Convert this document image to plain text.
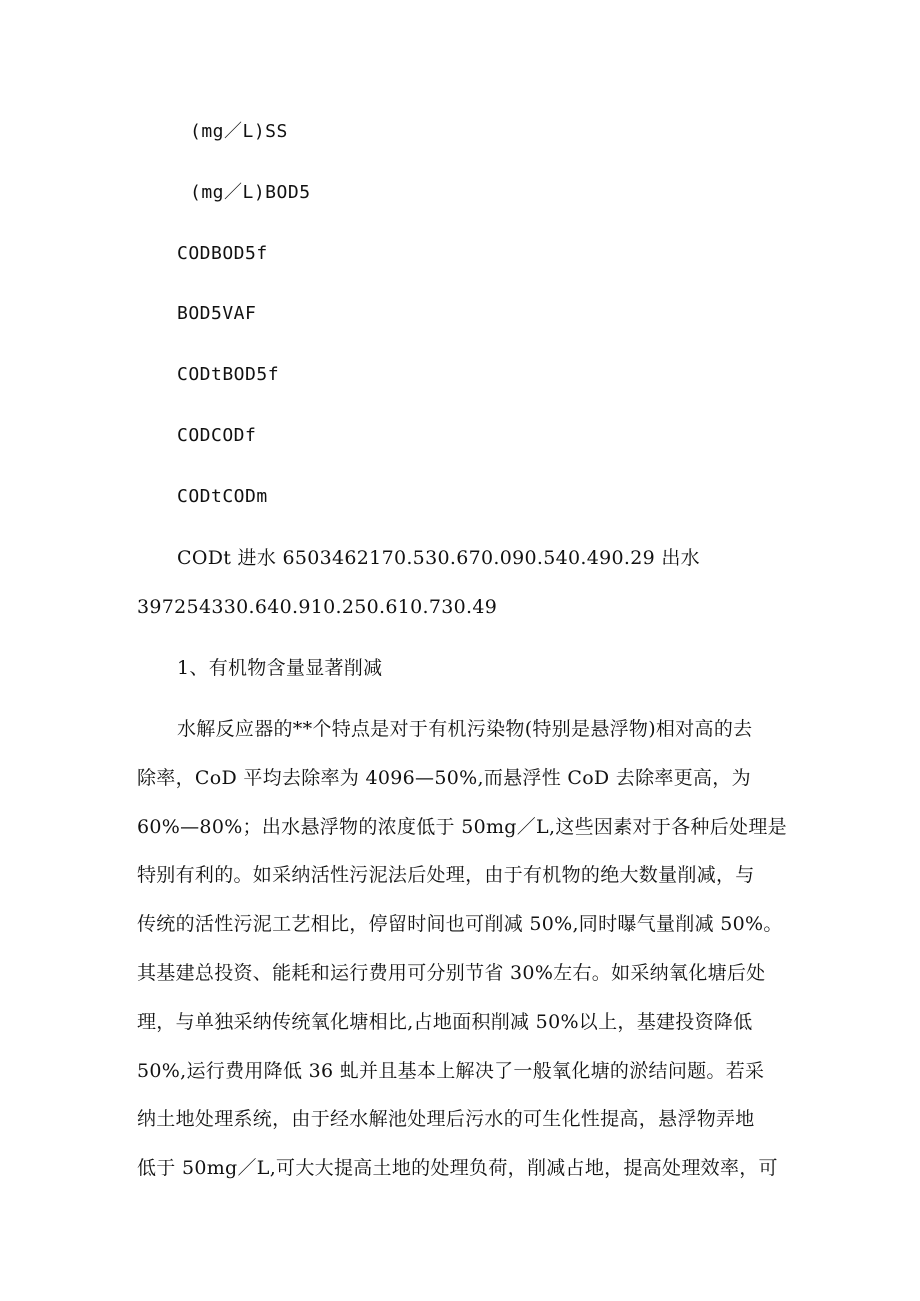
(mg／L)SS
(mg／L)BOD5
CODBOD5f
BOD5VAF
CODtBOD5f
CODCODf
CODtCODm
CODt 进水 6503462170.530.670.090.540.490.29 出水
397254330.640.910.250.610.730.49
1、有机物含量显著削减
水解反应器的**个特点是对于有机污染物(特别是悬浮物)相对高的去
除率，CoD 平均去除率为 4096—50%,而悬浮性 CoD 去除率更高，为
60%—80%；出水悬浮物的浓度低于 50mg／L,这些因素对于各种后处理是
特别有利的。如采纳活性污泥法后处理，由于有机物的绝大数量削减，与
传统的活性污泥工艺相比，停留时间也可削减 50%,同时曝气量削减 50%。
其基建总投资、能耗和运行费用可分别节省 30%左右。如采纳氧化塘后处
理，与单独采纳传统氧化塘相比,占地面积削减 50%以上，基建投资降低
50%,运行费用降低 36 虬并且基本上解决了一般氧化塘的淤结问题。若采
纳土地处理系统，由于经水解池处理后污水的可生化性提高，悬浮物弄地
低于 50mg／L,可大大提高土地的处理负荷，削减占地，提高处理效率，可
